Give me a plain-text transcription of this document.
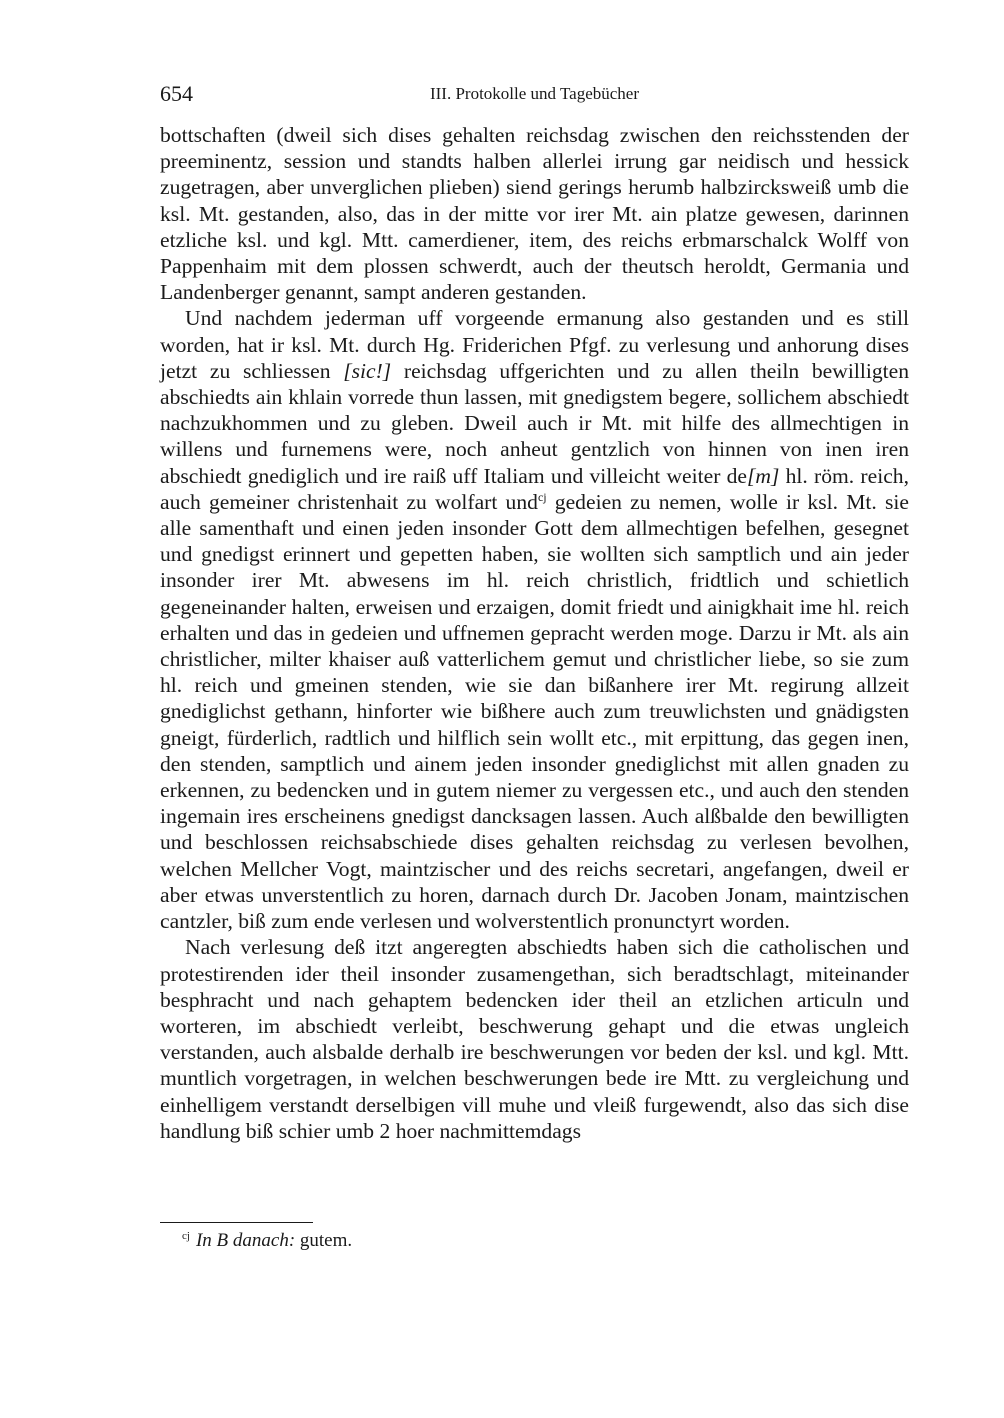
654	III. Protokolle und Tagebücher

bottschaften (dweil sich dises gehalten reichsdag zwischen den reichsstenden der preeminentz, session und standts halben allerlei irrung gar neidisch und hessick zugetragen, aber unverglichen plieben) siend gerings herumb halbzircksweiß umb die ksl. Mt. gestanden, also, das in der mitte vor irer Mt. ain platze gewesen, darinnen etzliche ksl. und kgl. Mtt. camerdiener, item, des reichs erbmarschalck Wolff von Pappenhaim mit dem plossen schwerdt, auch der theutsch heroldt, Germania und Landenberger genannt, sampt anderen gestanden.

Und nachdem jederman uff vorgeende ermanung also gestanden und es still worden, hat ir ksl. Mt. durch Hg. Friderichen Pfgf. zu verlesung und anhorung dises jetzt zu schliessen [sic!] reichsdag uffgerichten und zu allen theiln bewilligten abschiedts ain khlain vorrede thun lassen, mit gnedigstem begere, sollichem abschiedt nachzukhommen und zu gleben. Dweil auch ir Mt. mit hilfe des allmechtigen in willens und furnemens were, noch anheut gentzlich von hinnen von inen iren abschiedt gnediglich und ire raiß uff Italiam und villeicht weiter de[m] hl. röm. reich, auch gemeiner christenhait zu wolfart und$^{cj}$ gedeien zu nemen, wolle ir ksl. Mt. sie alle samenthaft und einen jeden insonder Gott dem allmechtigen befelhen, gesegnet und gnedigst erinnert und gepetten haben, sie wollten sich samptlich und ain jeder insonder irer Mt. abwesens im hl. reich christlich, fridtlich und schietlich gegeneinander halten, erweisen und erzaigen, domit friedt und ainigkhait ime hl. reich erhalten und das in gedeien und uffnemen gepracht werden moge. Darzu ir Mt. als ain christlicher, milter khaiser auß vatterlichem gemut und christlicher liebe, so sie zum hl. reich und gmeinen stenden, wie sie dan bißanhere irer Mt. regirung allzeit gnediglichst gethann, hinforter wie bißhere auch zum treuwlichsten und gnädigsten gneigt, fürderlich, radtlich und hilflich sein wollt etc., mit erpittung, das gegen inen, den stenden, samptlich und ainem jeden insonder gnediglichst mit allen gnaden zu erkennen, zu bedencken und in gutem niemer zu vergessen etc., und auch den stenden ingemain ires erscheinens gnedigst dancksagen lassen. Auch alßbalde den bewilligten und beschlossen reichsabschiede dises gehalten reichsdag zu verlesen bevolhen, welchen Mellcher Vogt, maintzischer und des reichs secretari, angefangen, dweil er aber etwas unverstentlich zu horen, darnach durch Dr. Jacoben Jonam, maintzischen cantzler, biß zum ende verlesen und wolverstentlich pronunctyrt worden.

Nach verlesung deß itzt angeregten abschiedts haben sich die catholischen und protestirenden ider theil insonder zusamengethan, sich beradtschlagt, miteinander besphracht und nach gehaptem bedencken ider theil an etzlichen articuln und worteren, im abschiedt verleibt, beschwerung gehapt und die etwas ungleich verstanden, auch alsbalde derhalb ire beschwerungen vor beden der ksl. und kgl. Mtt. muntlich vorgetragen, in welchen beschwerungen bede ire Mtt. zu vergleichung und einhelligem verstandt derselbigen vill muhe und vleiß furgewendt, also das sich dise handlung biß schier umb 2 hoer nachmittemdags

$^{cj}$ In B danach: gutem.
